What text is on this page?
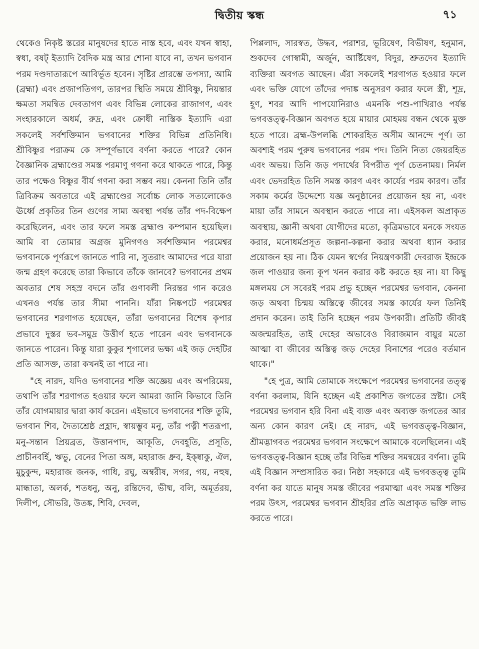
দ্বিতীয় স্কন্ধ	৭১

থেকেও নিকৃষ্ট স্তরের মানুষদের হাতে নাস্ত হবে, এবং যখন স্বাহা, স্বধা, বষট্ ইত্যাদি বৈদিক মন্ত্র আর শোনা যাবে না, তখন ভগবান পরম দণ্ডদাতারূপে আবির্ভূত হবেন। সৃষ্টির প্রারম্ভে তপস্যা, আমি (ব্রহ্মা) এবং প্রজাপতিগণ, তারপর স্থিতি সময়ে শ্রীবিষ্ণু, নিয়ন্তার ক্ষমতা সমন্বিত দেবতাগণ এবং বিভিন্ন লোকের রাজাগণ, এবং সংহারকালে অধর্ম, রুদ্র, এবং ক্রোধী নাস্তিক ইত্যাদি এরা সকলেই সর্বশক্তিমান ভগবানের শক্তির বিভিন্ন প্রতিনিধি। শ্রীবিষ্ণুর পরাক্রম কে সম্পূর্ণভাবে বর্ণনা করতে পারে? কোন বৈজ্ঞানিক ব্রহ্মাণ্ডের সমস্ত পরমাণু গণনা করে থাকতে পারে, কিন্তু তার পক্ষেও বিষ্ণুর বীর্য গণনা করা সম্ভব নয়। কেননা তিনি তাঁর ত্রিবিক্রম অবতারে এই ব্রহ্মাণ্ডের সর্বোচ্চ লোক সত্যলোকেও ঊর্ধ্বে প্রকৃতির তিন গুণের সাম্য অবস্থা পর্যন্ত তাঁর পদ-বিক্ষেপ করেছিলেন, এবং তার ফলে সমস্ত ব্রহ্মাণ্ড কম্পমান হয়েছিল। আমি বা তোমার অগ্রজ মুনিগণও সর্বশক্তিমান পরমেশ্বর ভগবানকে পূর্ণরূপে জানতে পারি না, সুতরাং আমাদের পরে যারা জন্ম গ্রহণ করেছে তারা কিভাবে তাঁকে জানবে? ভগবানের প্রথম অবতার শেষ সহস্র বদনে তাঁর গুণাবলী নিরন্তর গান করেও এখনও পর্যন্ত তার সীমা পাননি। যাঁরা নিষ্কপটে পরমেশ্বর ভগবানের শরণাগত হয়েছেন, তাঁরা ভগবানের বিশেষ কৃপার প্রভাবে দুস্তর ভব-সমুদ্র উত্তীর্ণ হতে পারেন এবং ভগবানকে জানতে পারেন। কিন্তু যারা কুকুর শৃগালের ভক্ষ্য এই জড় দেহটির প্রতি আসক্ত, তারা কখনই তা পারে না।

"হে নারদ, যদিও ভগবানের শক্তি অজ্ঞেয় এবং অপরিমেয়, তথাপি তাঁর শরণাগত হওয়ার ফলে আমরা জানি কিভাবে তিনি তাঁর যোগমায়ার দ্বারা কার্য করেন। এইভাবে ভগবানের শক্তি তুমি, ভগবান শিব, দৈত্যশ্রেষ্ঠ প্রহ্লাদ, স্বায়ম্ভুব মনু, তাঁর পত্নী শতরূপা, মনু-সন্তান প্রিয়ব্রত, উত্তানপাদ, আকূতি, দেবহূতি, প্রসূতি, প্রাচীনবর্হি, ঋভু, বেনের পিতা অঙ্গ, মহারাজ ধ্রুব, ইক্ষ্বাকু, ঐল, মুচুকুন্দ, মহারাজ জনক, গাধি, রঘু, অম্বরীষ, সগর, গয়, নহুষ, মান্ধাতা, অলর্ক, শতধনু, অনু, রন্তিদেব, ভীষ্ম, বলি, অমূর্তরয়, দিলীপ, সৌভরি, উতঙ্ক, শিবি, দেবল,

পিপ্পলাদ, সারস্বত, উদ্ধব, পরাশর, ভূরিষেণ, বিভীষণ, হনুমান, শুকদেব গোস্বামী, অর্জুন, আর্ষ্টিষেণ, বিদুর, শ্রুতদেব ইত্যাদি ব্যক্তিরা অবগত আছেন। এঁরা সকলেই শরণাগত হওয়ার ফলে এবং ভক্তি যোগে তাঁদের পদাঙ্ক অনুসরণ করার ফলে স্ত্রী, শূদ্র, হূণ, শবর আদি পাপযোনিরাও এমনকি পশু-পাখিরাও পর্যন্ত ভগবত্তত্ত্ব-বিজ্ঞান অবগত হয়ে মায়ার মোহময় বন্ধন থেকে মুক্ত হতে পারে। ব্রহ্ম-উপলব্ধি শোকরহিত অসীম আনন্দে পূর্ণ। তা অবশ্যই পরম পুরুষ ভগবানের পরম পদ। তিনি নিত্য জেয়রহিত এবং অভয়। তিনি জড় পদার্থের বিপরীত পূর্ণ চেতনাময়। নির্মল এবং ভেদরহিত তিনি সমস্ত কারণ এবং কার্যের পরম কারণ। তাঁর সকাম কর্মের উদ্দেশ্যে যজ্ঞ অনুষ্ঠানের প্রয়োজন হয় না, এবং মায়া তাঁর সামনে অবস্থান করতে পারে না। এইসকল অপ্রাকৃত অবস্থায়, জ্ঞানী অথবা যোগীদের মতো, কৃত্রিমভাবে মনকে সংযত করার, মনোধর্মপ্রসূত জল্পনা-কল্পনা করার অথবা ধ্যান করার প্রয়োজন হয় না। ঠিক যেমন স্বর্গের নিয়ন্ত্রণকারী দেবরাজ ইন্দ্রকে জল পাওয়ার জন্য কূপ খনন করার কষ্ট করতে হয় না। যা কিছু মঙ্গলময় সে সবেরই পরম প্রভু হচ্ছেন পরমেশ্বর ভগবান, কেননা জড় অথবা চিন্ময় অস্তিত্বে জীবের সমস্ত কার্যের ফল তিনিই প্রদান করেন। তাই তিনি হচ্ছেন পরম উপকারী। প্রতিটি জীবই অজন্মরহিত, তাই দেহের অভাবেও বিরাজমান বায়ুর মতো আত্মা বা জীবের অস্তিত্ব জড় দেহের বিনাশের পরেও বর্তমান থাকে।"

"হে পুত্র, আমি তোমাকে সংক্ষেপে পরমেশ্বর ভগবানের তত্ত্ব বর্ণনা করলাম, যিনি হচ্ছেন এই প্রকাশিত জগতের স্রষ্টা। সেই পরমেশ্বর ভগবান হরি বিনা এই ব্যক্ত এবং অব্যক্ত জগতের আর অন্য কোন কারণ নেই। হে নারদ, এই ভগবত্তত্ত্ব-বিজ্ঞান, শ্রীমদ্ভাগবত পরমেশ্বর ভগবান সংক্ষেপে আমাকে বলেছিলেন। এই ভগবত্তত্ত্ব-বিজ্ঞান হচ্ছে তাঁর বিভিন্ন শক্তির সমন্বয়ের বর্ণনা। তুমি এই বিজ্ঞান সম্প্রসারিত কর। নিষ্ঠা সহকারে এই ভগবত্তত্ত্ব তুমি বর্ণনা কর যাতে মানুষ সমস্ত জীবের পরমাত্মা এবং সমস্ত শক্তির পরম উৎস, পরমেশ্বর ভগবান শ্রীহরির প্রতি অপ্রাকৃত ভক্তি লাভ করতে পারে।
